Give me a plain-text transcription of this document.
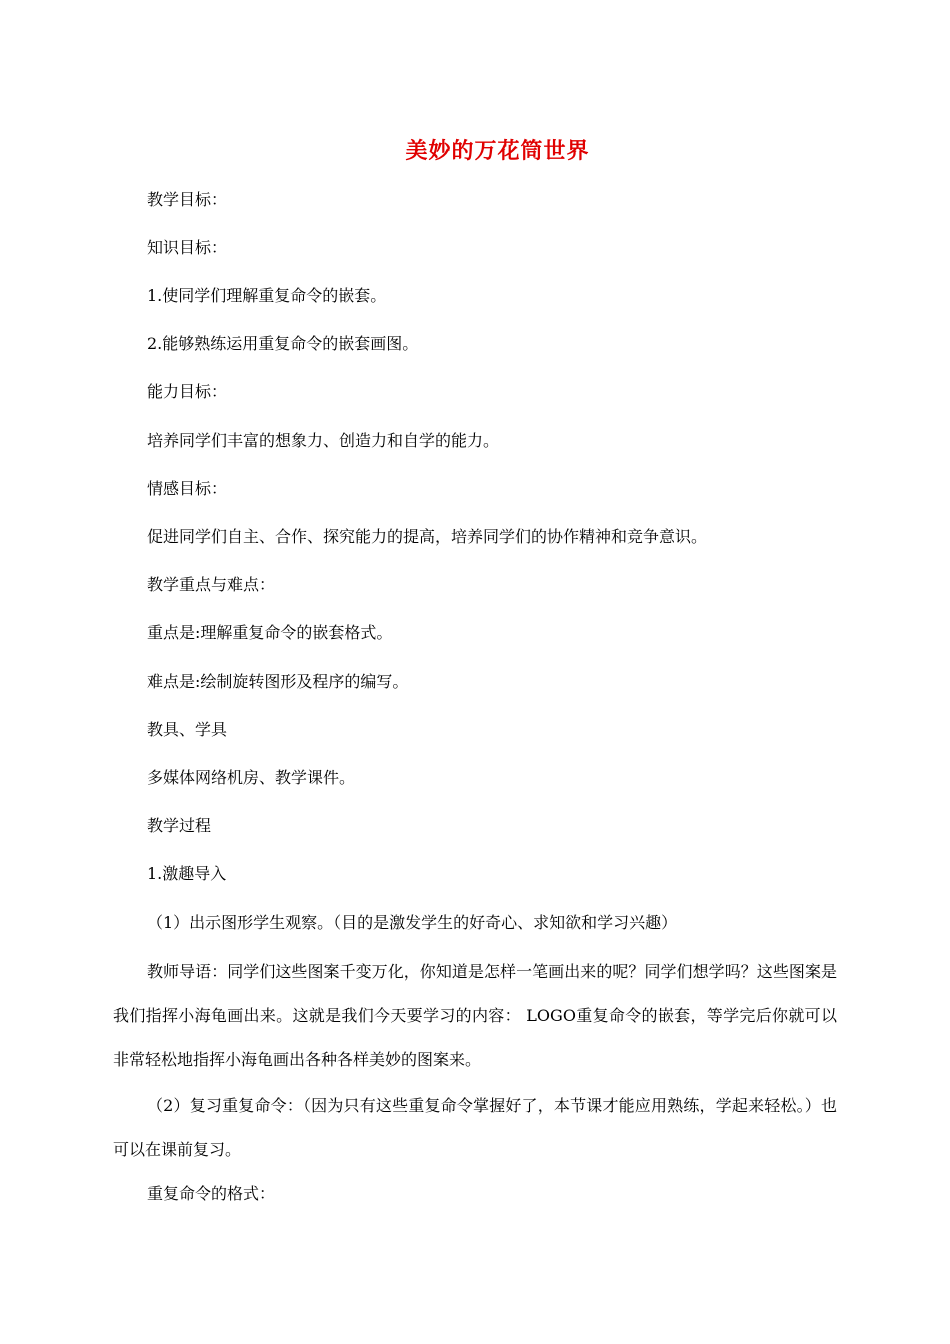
美妙的万花筒世界
教学目标：
知识目标：
1.使同学们理解重复命令的嵌套。
2.能够熟练运用重复命令的嵌套画图。
能力目标：
培养同学们丰富的想象力、创造力和自学的能力。
情感目标：
促进同学们自主、合作、探究能力的提高，培养同学们的协作精神和竞争意识。
教学重点与难点：
重点是:理解重复命令的嵌套格式。
难点是:绘制旋转图形及程序的编写。
教具、学具
多媒体网络机房、教学课件。
教学过程
1.激趣导入
（1）出示图形学生观察。（目的是激发学生的好奇心、求知欲和学习兴趣）
教师导语：同学们这些图案千变万化，你知道是怎样一笔画出来的呢？同学们想学吗？这些图案是我们指挥小海龟画出来。这就是我们今天要学习的内容： LOGO重复命令的嵌套，等学完后你就可以非常轻松地指挥小海龟画出各种各样美妙的图案来。
（2）复习重复命令：（因为只有这些重复命令掌握好了，本节课才能应用熟练，学起来轻松。）也可以在课前复习。
重复命令的格式：
